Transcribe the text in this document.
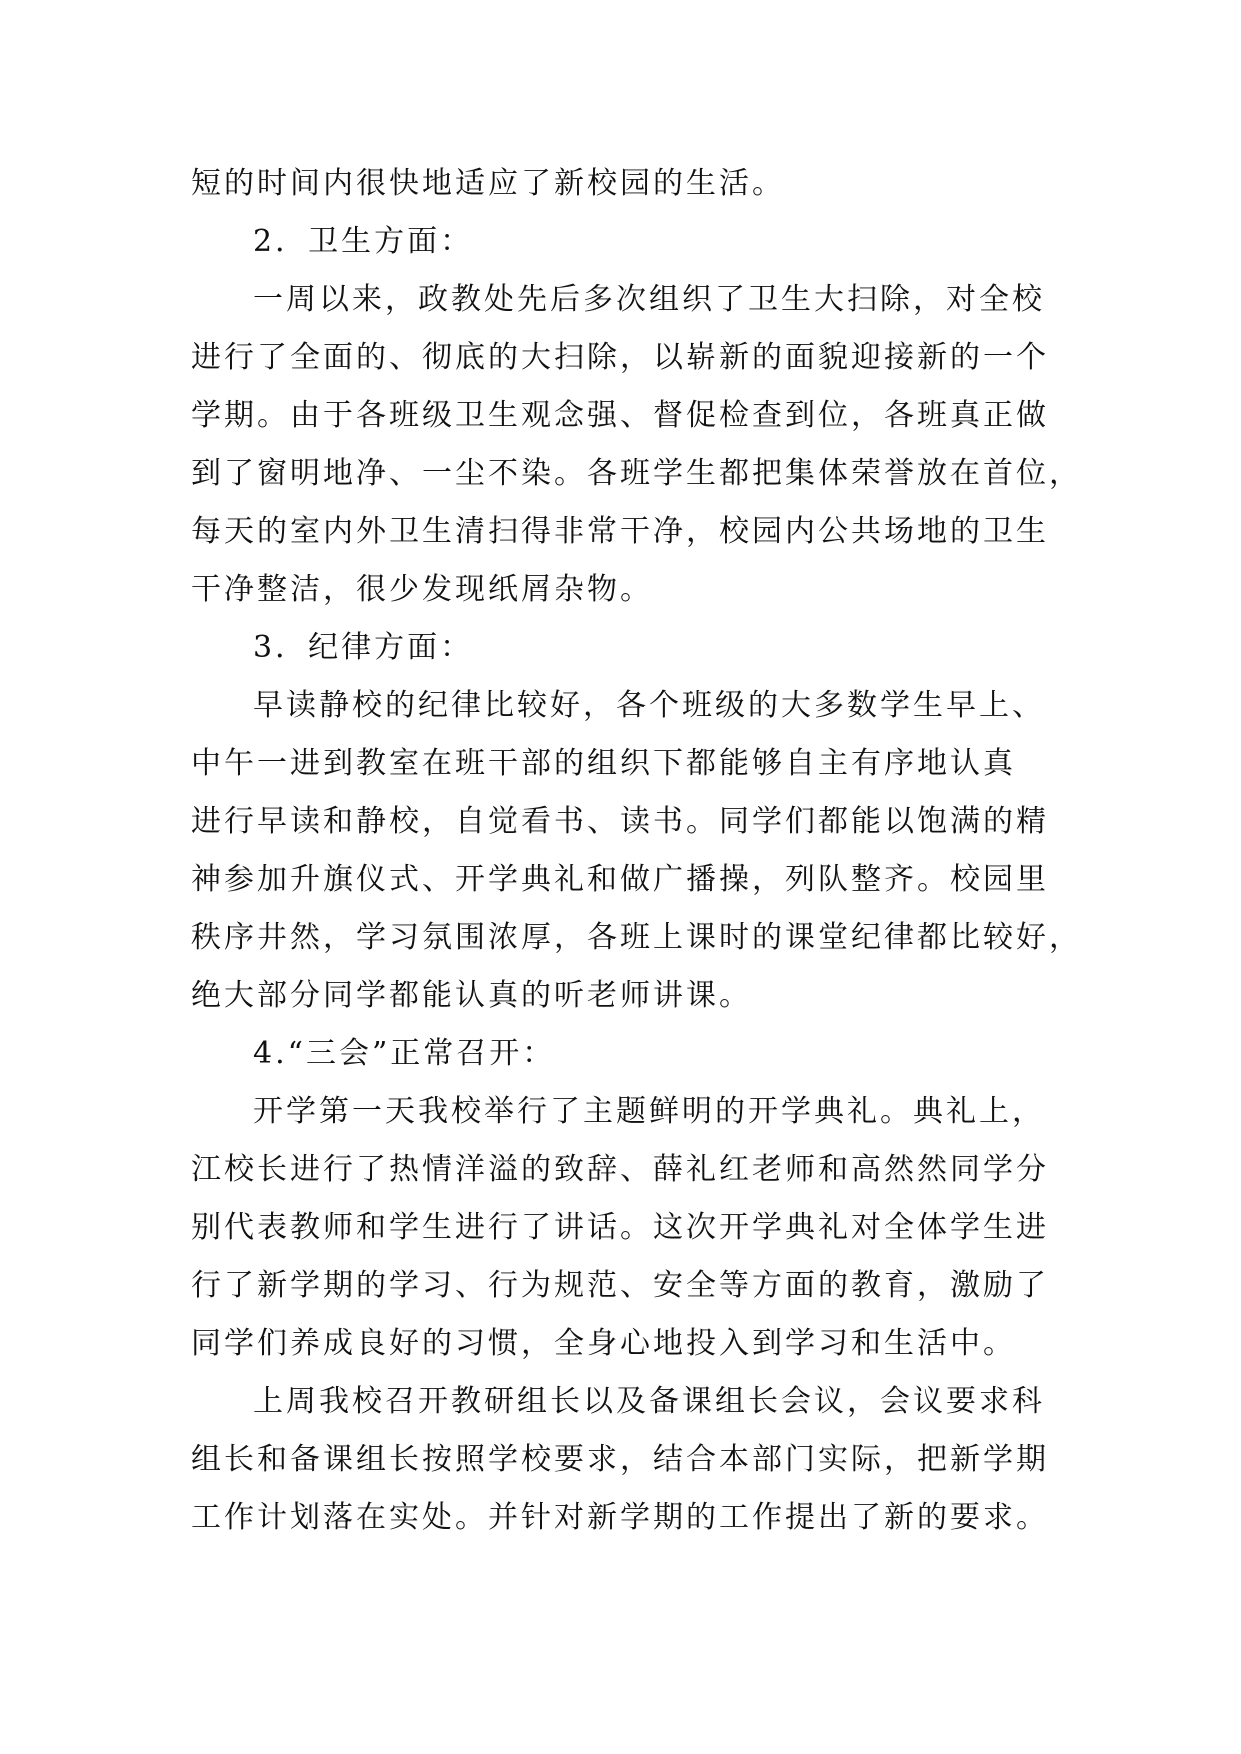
短的时间内很快地适应了新校园的生活。
2．卫生方面：
一周以来，政教处先后多次组织了卫生大扫除，对全校
进行了全面的、彻底的大扫除，以崭新的面貌迎接新的一个
学期。由于各班级卫生观念强、督促检查到位，各班真正做
到了窗明地净、一尘不染。各班学生都把集体荣誉放在首位，
每天的室内外卫生清扫得非常干净，校园内公共场地的卫生
干净整洁，很少发现纸屑杂物。
3．纪律方面：
早读静校的纪律比较好，各个班级的大多数学生早上、
中午一进到教室在班干部的组织下都能够自主有序地认真
进行早读和静校，自觉看书、读书。同学们都能以饱满的精
神参加升旗仪式、开学典礼和做广播操，列队整齐。校园里
秩序井然，学习氛围浓厚，各班上课时的课堂纪律都比较好，
绝大部分同学都能认真的听老师讲课。
4.“三会”正常召开：
开学第一天我校举行了主题鲜明的开学典礼。典礼上，
江校长进行了热情洋溢的致辞、薛礼红老师和高然然同学分
别代表教师和学生进行了讲话。这次开学典礼对全体学生进
行了新学期的学习、行为规范、安全等方面的教育，激励了
同学们养成良好的习惯，全身心地投入到学习和生活中。
上周我校召开教研组长以及备课组长会议，会议要求科
组长和备课组长按照学校要求，结合本部门实际，把新学期
工作计划落在实处。并针对新学期的工作提出了新的要求。
